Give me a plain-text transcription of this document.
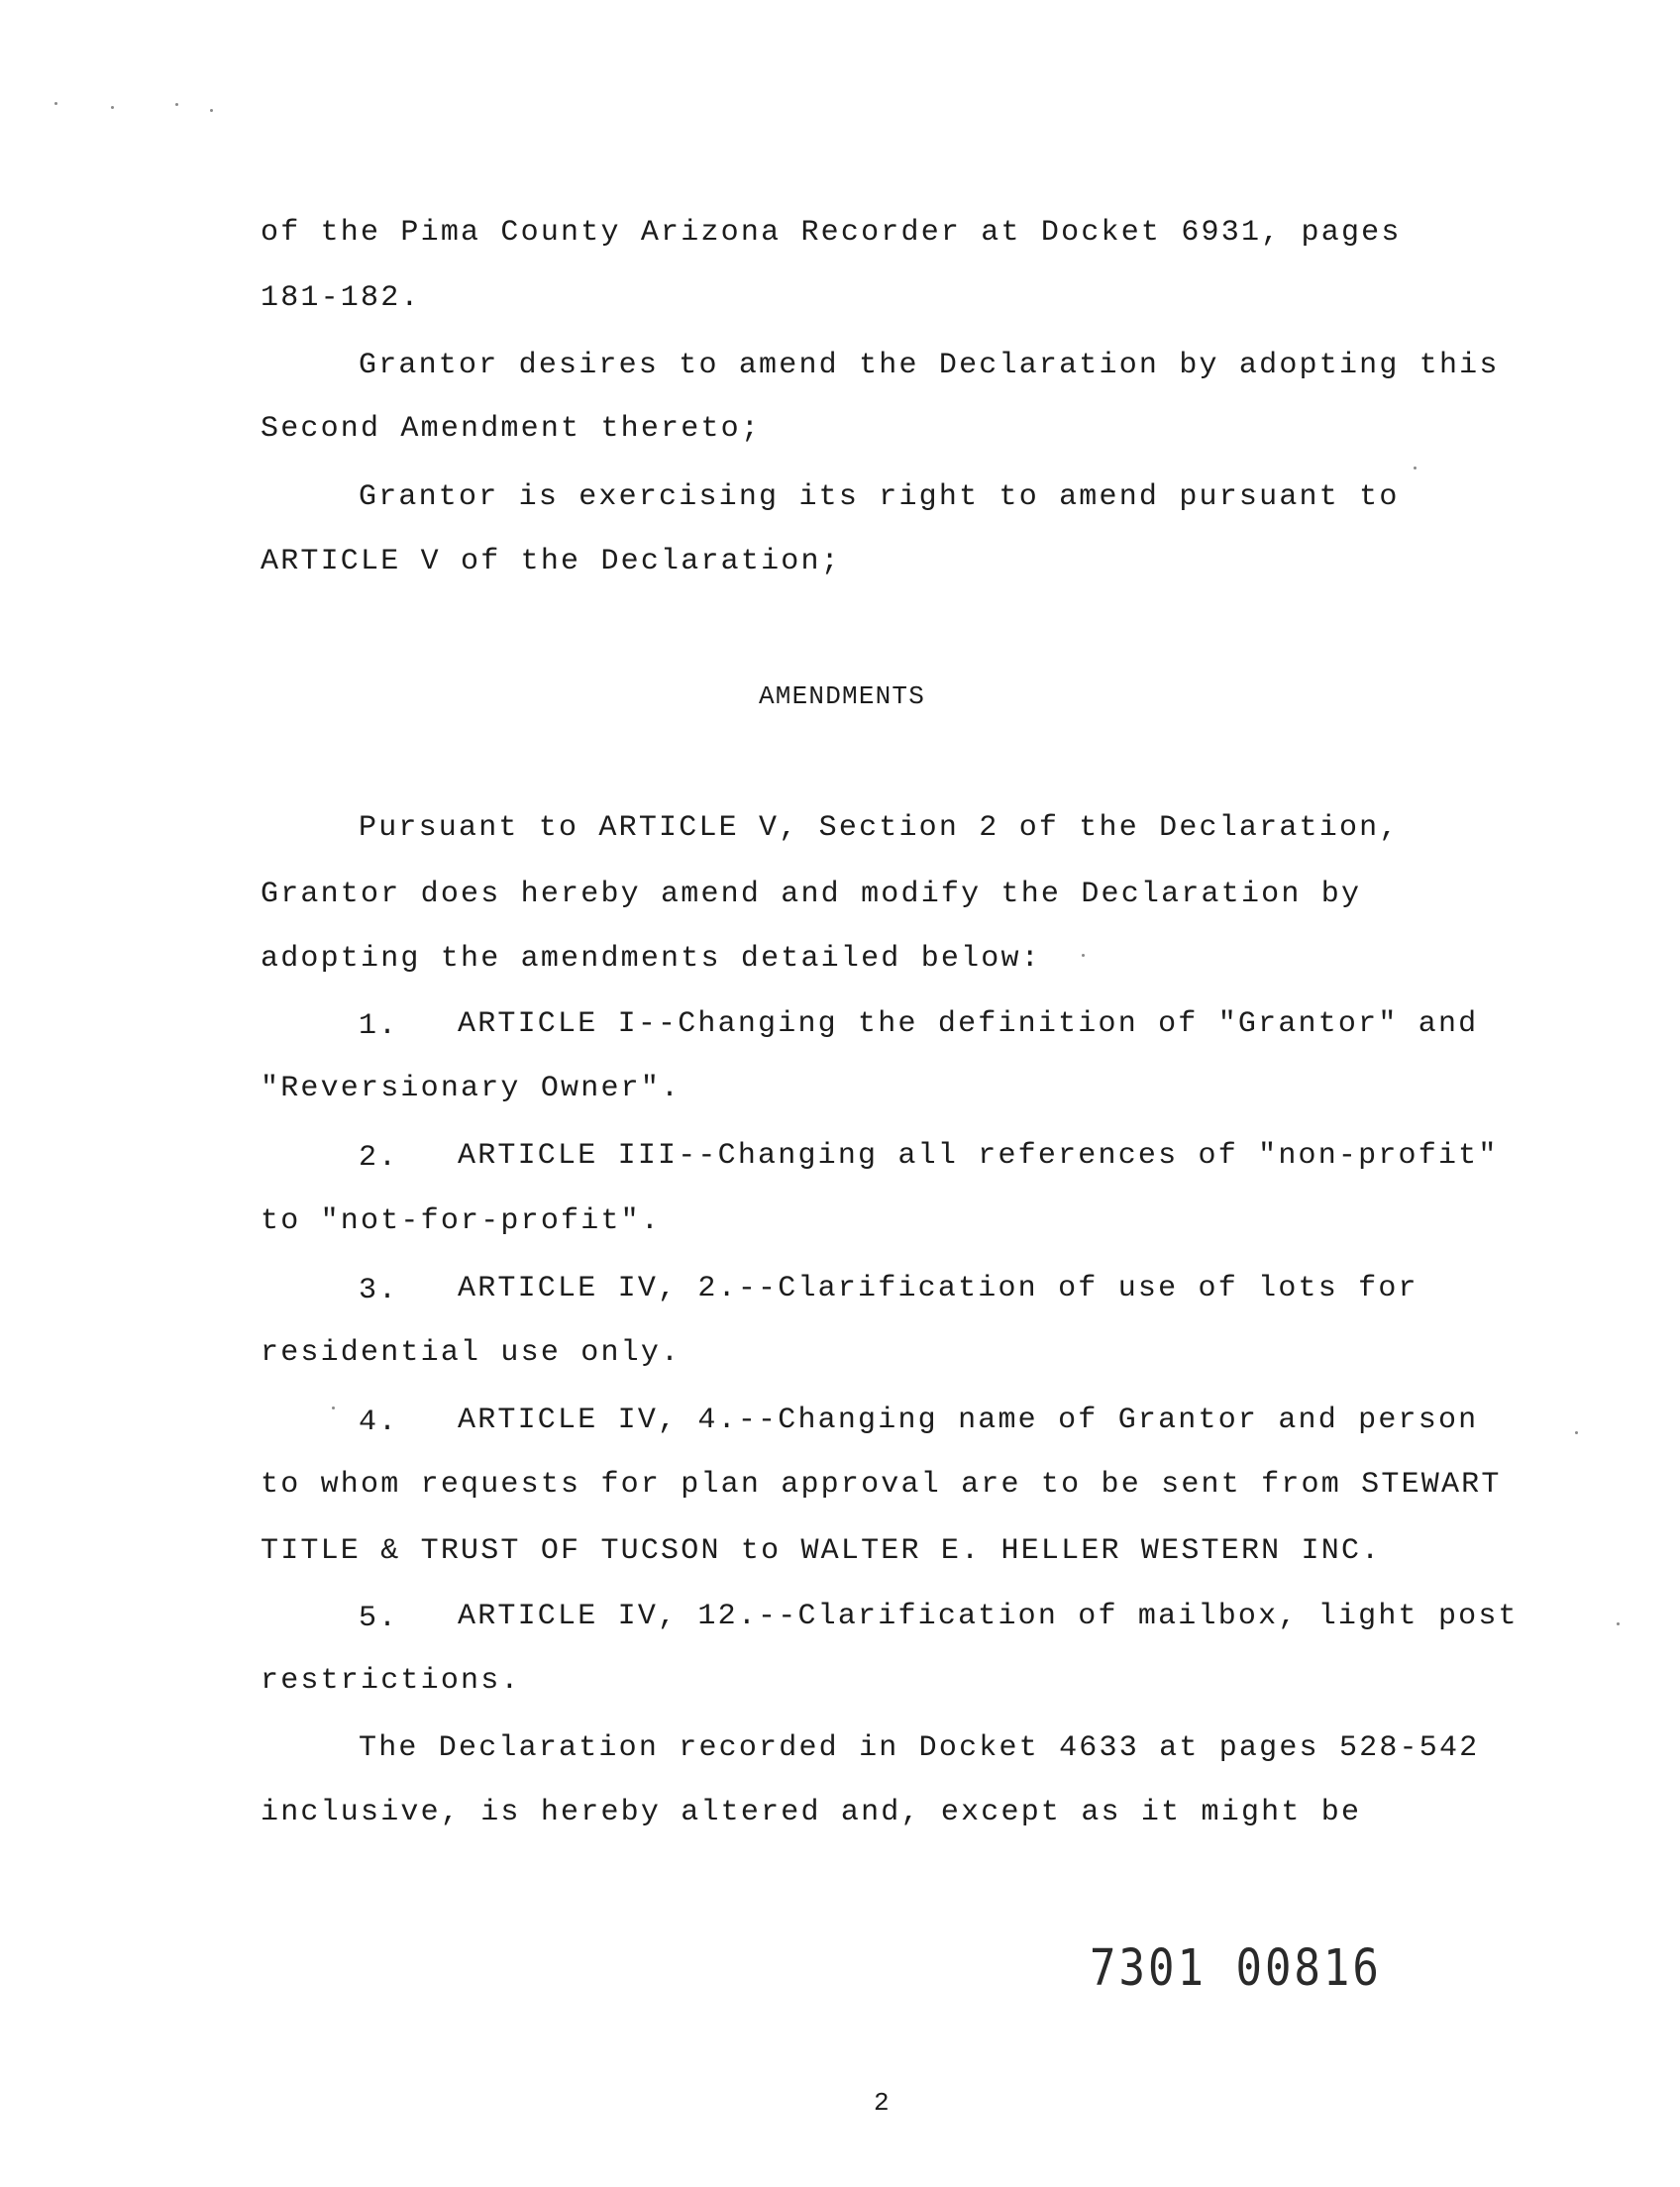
of the Pima County Arizona Recorder at Docket 6931, pages
181-182.
Grantor desires to amend the Declaration by adopting this
Second Amendment thereto;
Grantor is exercising its right to amend pursuant to
ARTICLE V of the Declaration;
AMENDMENTS
Pursuant to ARTICLE V, Section 2 of the Declaration,
Grantor does hereby amend and modify the Declaration by
adopting the amendments detailed below:
1. ARTICLE I--Changing the definition of "Grantor" and
"Reversionary Owner".
2. ARTICLE III--Changing all references of "non-profit"
to "not-for-profit".
3. ARTICLE IV, 2.--Clarification of use of lots for
residential use only.
4. ARTICLE IV, 4.--Changing name of Grantor and person
to whom requests for plan approval are to be sent from STEWART
TITLE & TRUST OF TUCSON to WALTER E. HELLER WESTERN INC.
5. ARTICLE IV, 12.--Clarification of mailbox, light post
restrictions.
The Declaration recorded in Docket 4633 at pages 528-542
inclusive, is hereby altered and, except as it might be
7301 00816
2
